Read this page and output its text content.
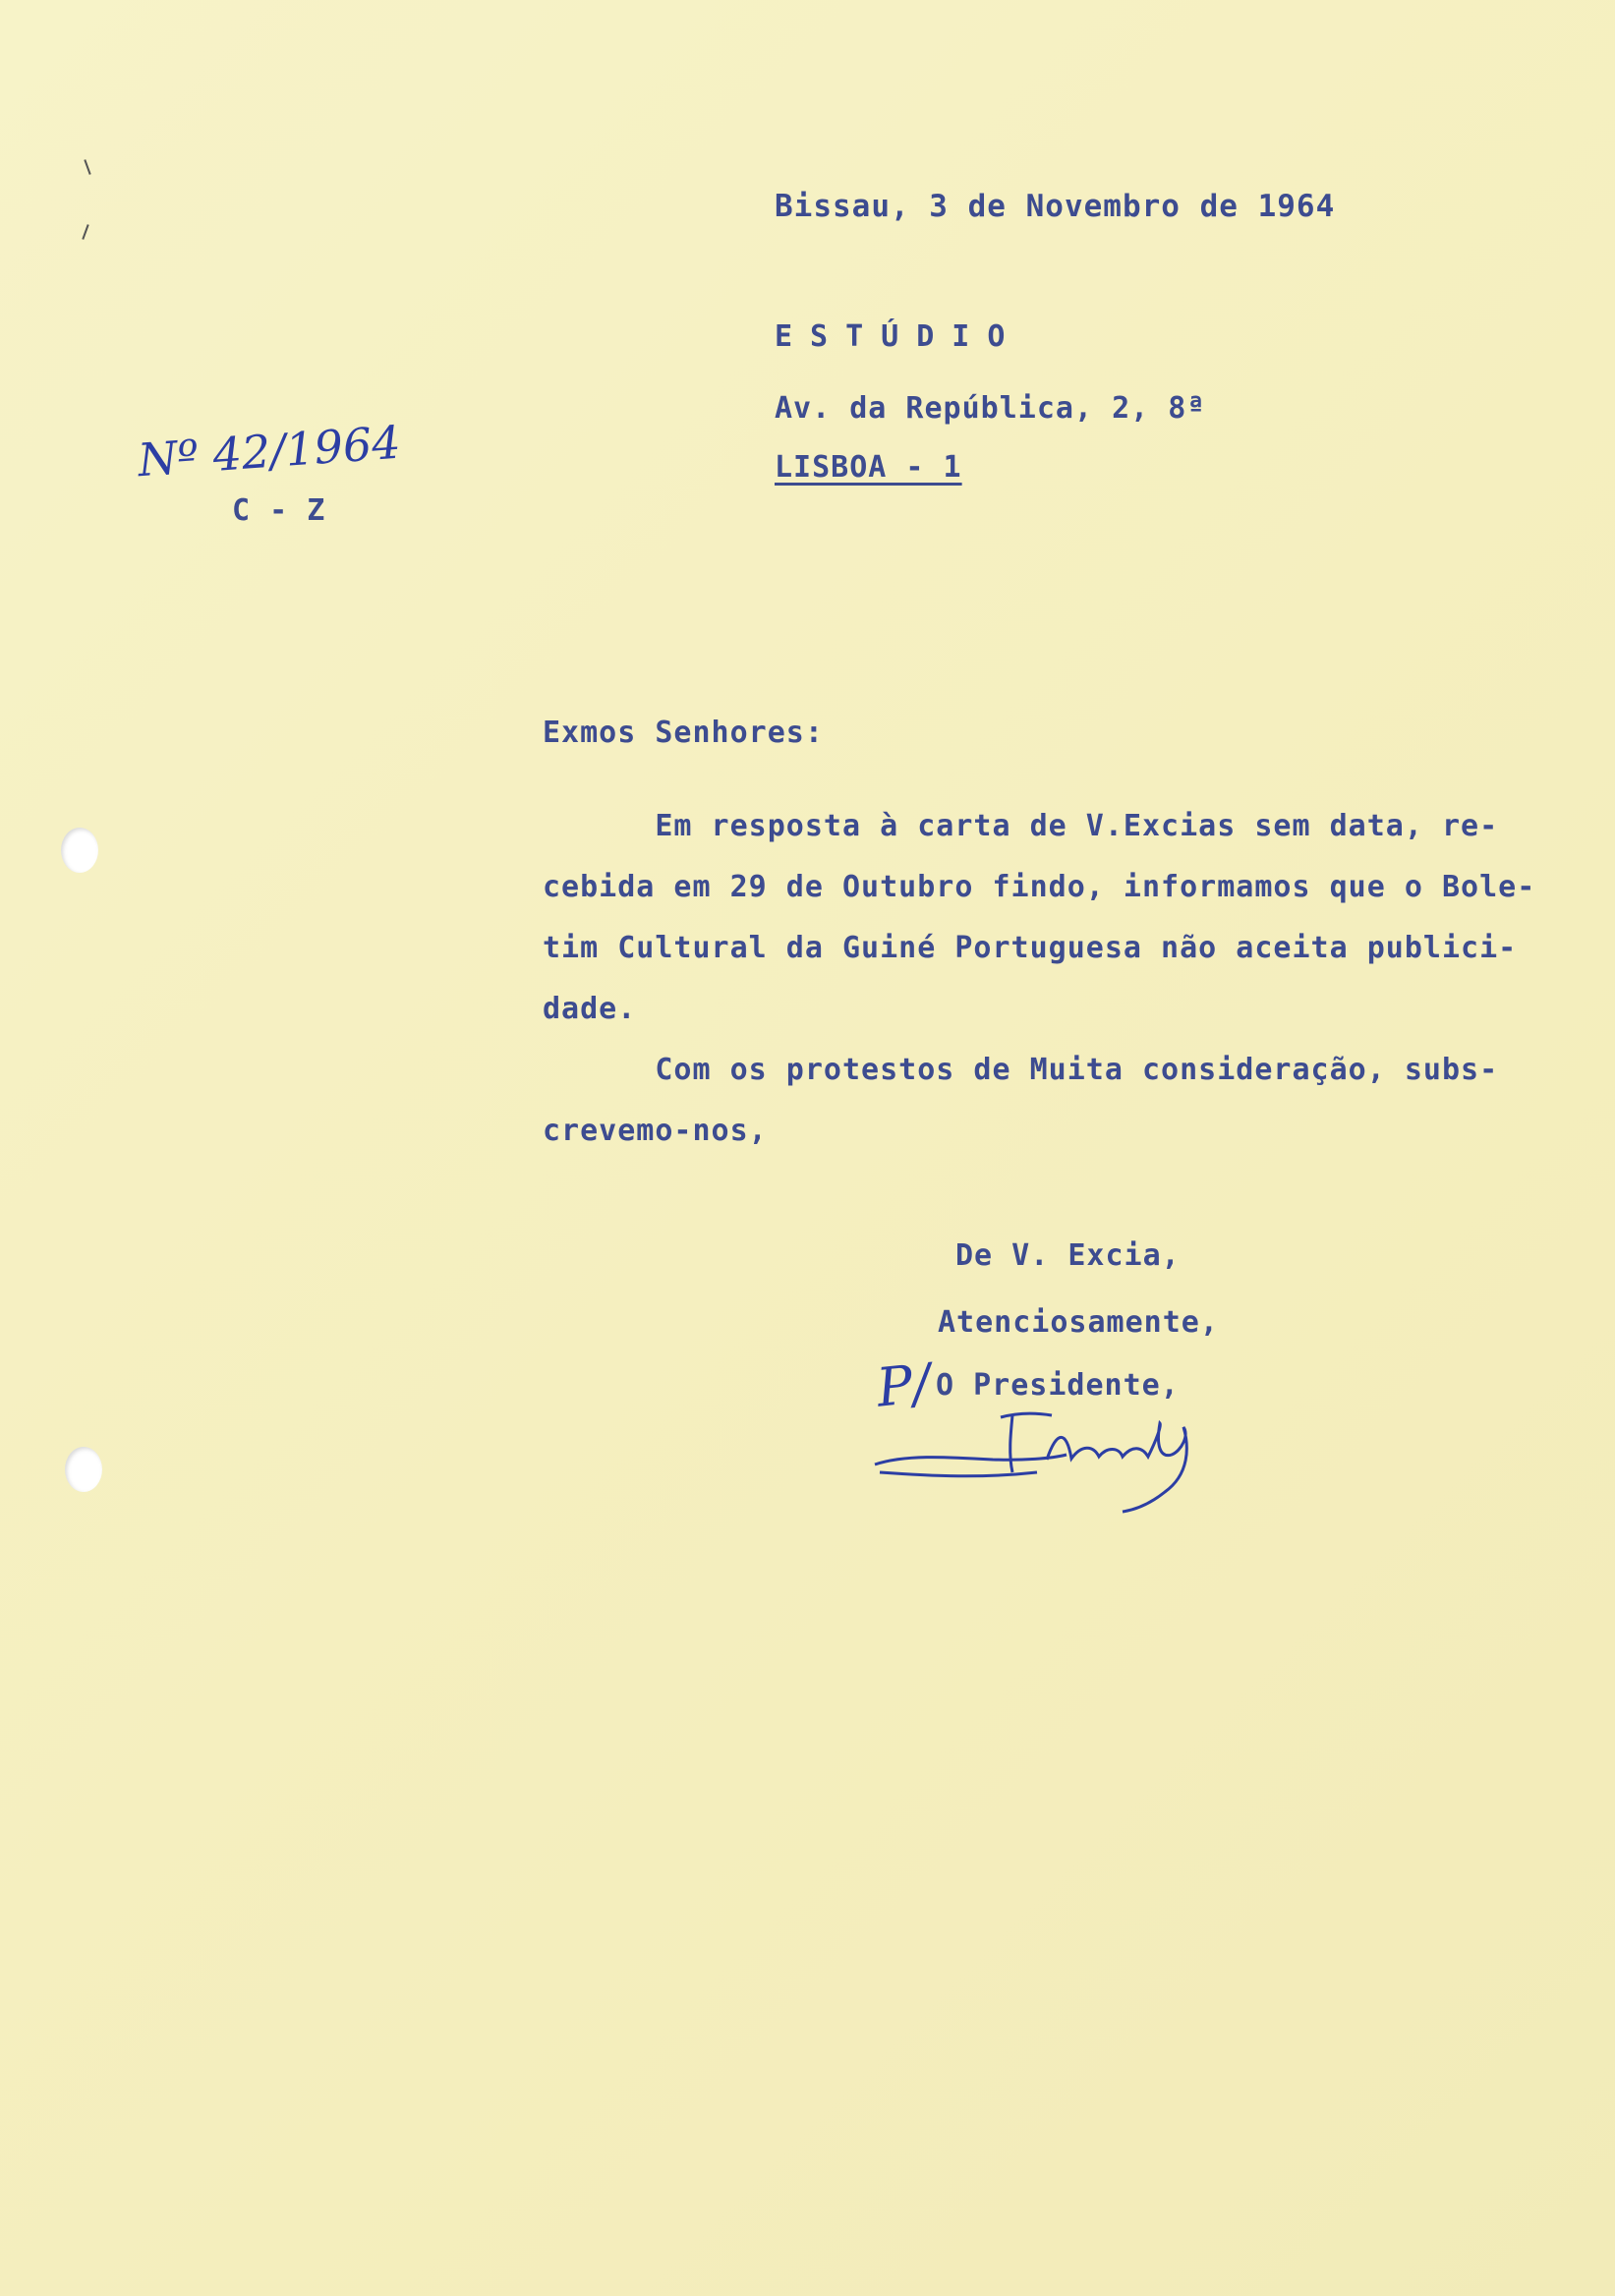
Bissau, 3 de Novembro de 1964
ESTÚDIO
Av. da República, 2, 8ª
LISBOA - 1
Nº 42/1964
C - Z
Exmos Senhores:
Em resposta à carta de V.Excias sem data, re-
cebida em 29 de Outubro findo, informamos que o Bole-
tim Cultural da Guiné Portuguesa não aceita publici-
dade.
Com os protestos de Muita consideração, subs-
crevemo-nos,
De V. Excia,
Atenciosamente,
P/ O Presidente,
